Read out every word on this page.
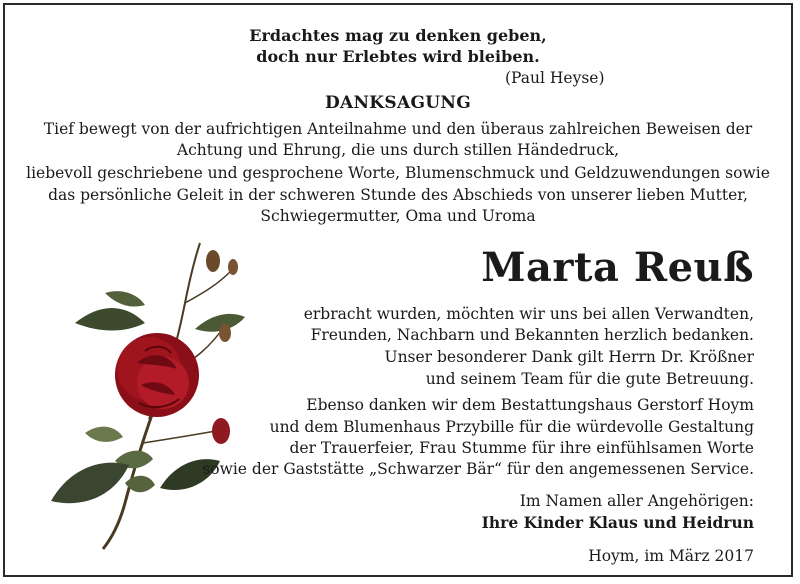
Erdachtes mag zu denken geben,
doch nur Erlebtes wird bleiben.
(Paul Heyse)
DANKSAGUNG
Tief bewegt von der aufrichtigen Anteilnahme und den überaus zahlreichen Beweisen der
Achtung und Ehrung, die uns durch stillen Händedruck,
liebevoll geschriebene und gesprochene Worte, Blumenschmuck und Geldzuwendungen sowie
das persönliche Geleit in der schweren Stunde des Abschieds von unserer lieben Mutter,
Schwiegermutter, Oma und Uroma
Marta Reuß
erbracht wurden, möchten wir uns bei allen Verwandten,
Freunden, Nachbarn und Bekannten herzlich bedanken.
Unser besonderer Dank gilt Herrn Dr. Krößner
und seinem Team für die gute Betreuung.
Ebenso danken wir dem Bestattungshaus Gerstorf Hoym
und dem Blumenhaus Przybille für die würdevolle Gestaltung
der Trauerfeier, Frau Stumme für ihre einfühlsamen Worte
sowie der Gaststätte „Schwarzer Bär“ für den angemessenen Service.
Im Namen aller Angehörigen:
Ihre Kinder Klaus und Heidrun
Hoym, im März 2017
